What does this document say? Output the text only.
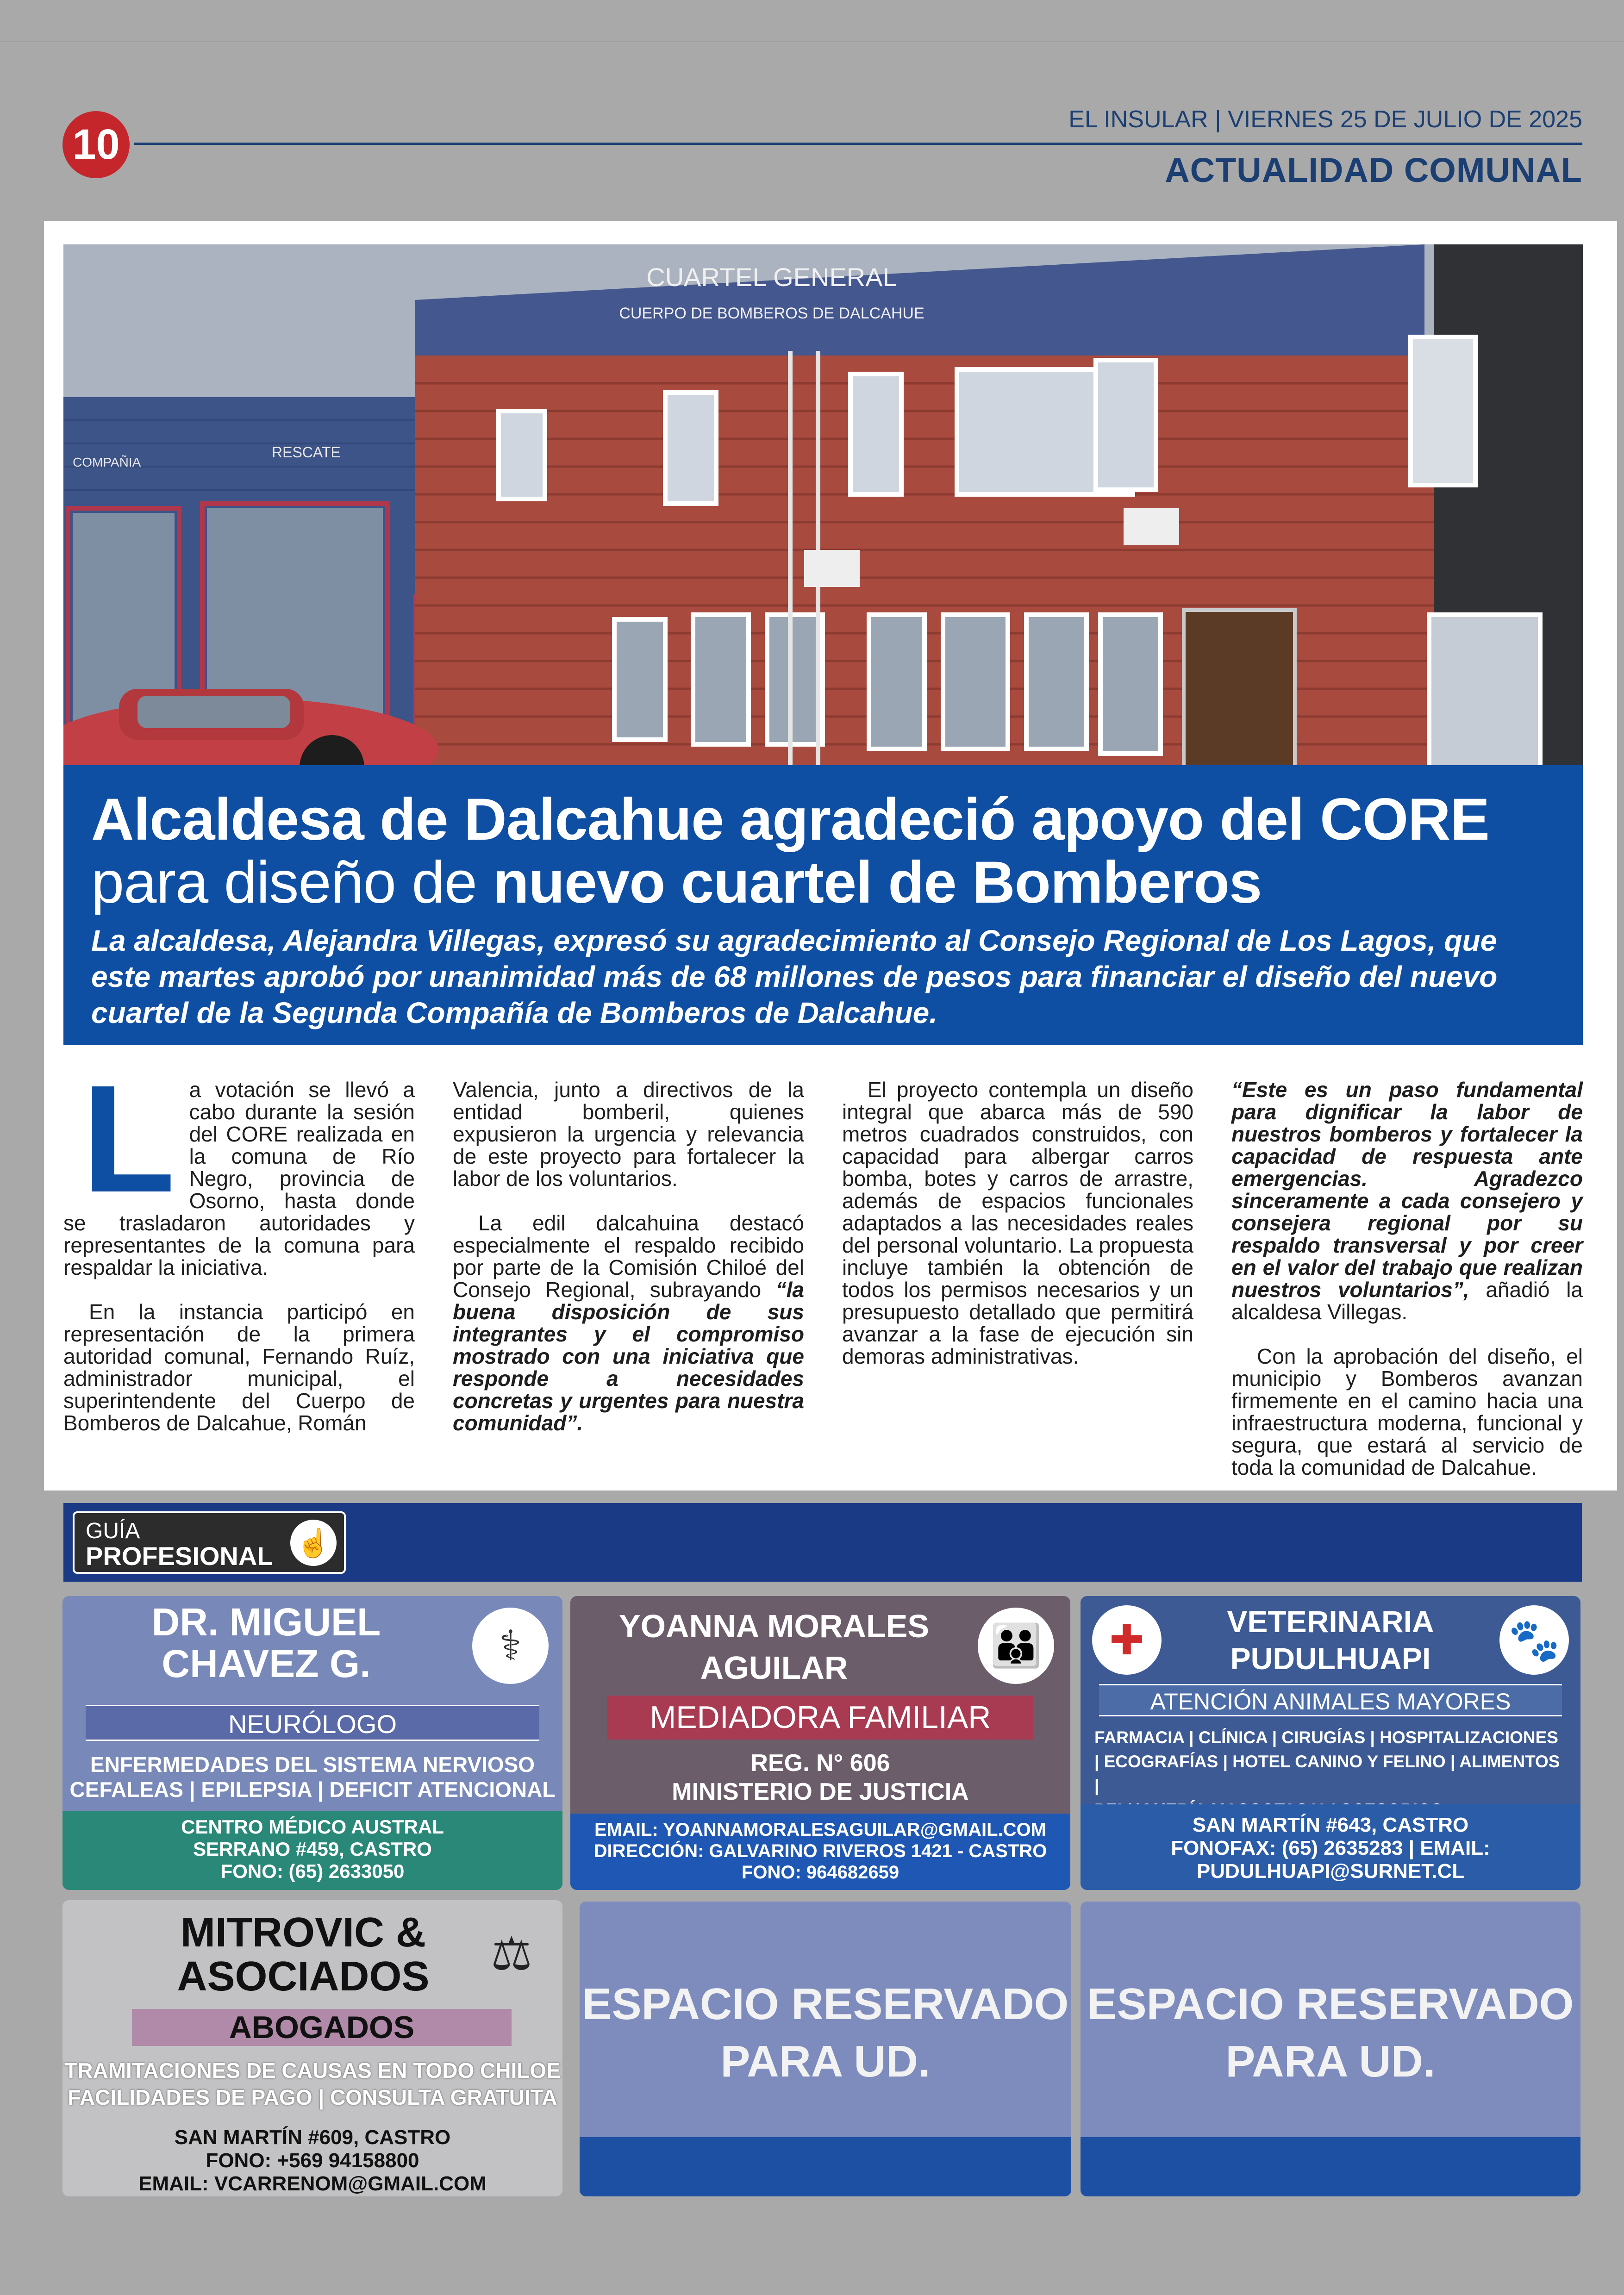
10
EL INSULAR | VIERNES 25 DE JULIO DE 2025
ACTUALIDAD COMUNAL
COMPAÑIA
RESCATE
CUARTEL GENERAL
CUERPO DE BOMBEROS DE DALCAHUE
Alcaldesa de Dalcahue agradeció apoyo del CORE
para diseño de nuevo cuartel de Bomberos
La alcaldesa, Alejandra Villegas, expresó su agradecimiento al Consejo Regional de Los Lagos, que este martes aprobó por unanimidad más de 68 millones de pesos para financiar el diseño del nuevo cuartel de la Segunda Compañía de Bomberos de Dalcahue.

La votación se llevó a cabo durante la sesión del CORE realizada en la comuna de Río Negro, provincia de Osorno, hasta donde se trasladaron autoridades y representantes de la comuna para respaldar la iniciativa.

En la instancia participó en representación de la primera autoridad comunal, Fernando Ruíz, administrador municipal, el superintendente del Cuerpo de Bomberos de Dalcahue, Román

Valencia, junto a directivos de la entidad bomberil, quienes expusieron la urgencia y relevancia de este proyecto para fortalecer la labor de los voluntarios.

La edil dalcahuina destacó especialmente el respaldo recibido por parte de la Comisión Chiloé del Consejo Regional, subrayando “la buena disposición de sus integrantes y el compromiso mostrado con una iniciativa que responde a necesidades concretas y urgentes para nuestra comunidad”.

El proyecto contempla un diseño integral que abarca más de 590 metros cuadrados construidos, con capacidad para albergar carros bomba, botes y carros de arrastre, además de espacios funcionales adaptados a las necesidades reales del personal voluntario. La propuesta incluye también la obtención de todos los permisos necesarios y un presupuesto detallado que permitirá avanzar a la fase de ejecución sin demoras administrativas.

“Este es un paso fundamental para dignificar la labor de nuestros bomberos y fortalecer la capacidad de respuesta ante emergencias. Agradezco sinceramente a cada consejero y consejera regional por su respaldo transversal y por creer en el valor del trabajo que realizan nuestros voluntarios”, añadió la alcaldesa Villegas.

Con la aprobación del diseño, el municipio y Bomberos avanzan firmemente en el camino hacia una infraestructura moderna, funcional y segura, que estará al servicio de toda la comunidad de Dalcahue.

GUÍA
PROFESIONAL ☝
DR. MIGUEL
CHAVEZ G.	⚕
NEURÓLOGO
ENFERMEDADES DEL SISTEMA NERVIOSO
CEFALEAS | EPILEPSIA | DEFICIT ATENCIONAL
CENTRO MÉDICO AUSTRAL
SERRANO #459, CASTRO
FONO: (65) 2633050
YOANNA MORALES
AGUILAR	👪
MEDIADORA FAMILIAR
REG. N° 606
MINISTERIO DE JUSTICIA
EMAIL: YOANNAMORALESAGUILAR@GMAIL.COM
DIRECCIÓN: GALVARINO RIVEROS 1421 - CASTRO
FONO: 964682659
✚	🐾
VETERINARIA
PUDULHUAPI
ATENCIÓN ANIMALES MAYORES
FARMACIA | CLÍNICA | CIRUGÍAS | HOSPITALIZACIONES
| ECOGRAFÍAS | HOTEL CANINO Y FELINO | ALIMENTOS |
SAN MARTÍN #643, CASTRO
FONOFAX: (65) 2635283 | EMAIL:
PUDULHUAPI@SURNET.CL
MITROVIC &
ASOCIADOS	⚖
ABOGADOS
TRAMITACIONES DE CAUSAS EN TODO CHILOE
FACILIDADES DE PAGO | CONSULTA GRATUITA
SAN MARTÍN #609, CASTRO
FONO: +569 94158800
EMAIL: VCARRENOM@GMAIL.COM
ESPACIO RESERVADO
PARA UD.
ESPACIO RESERVADO
PARA UD.
